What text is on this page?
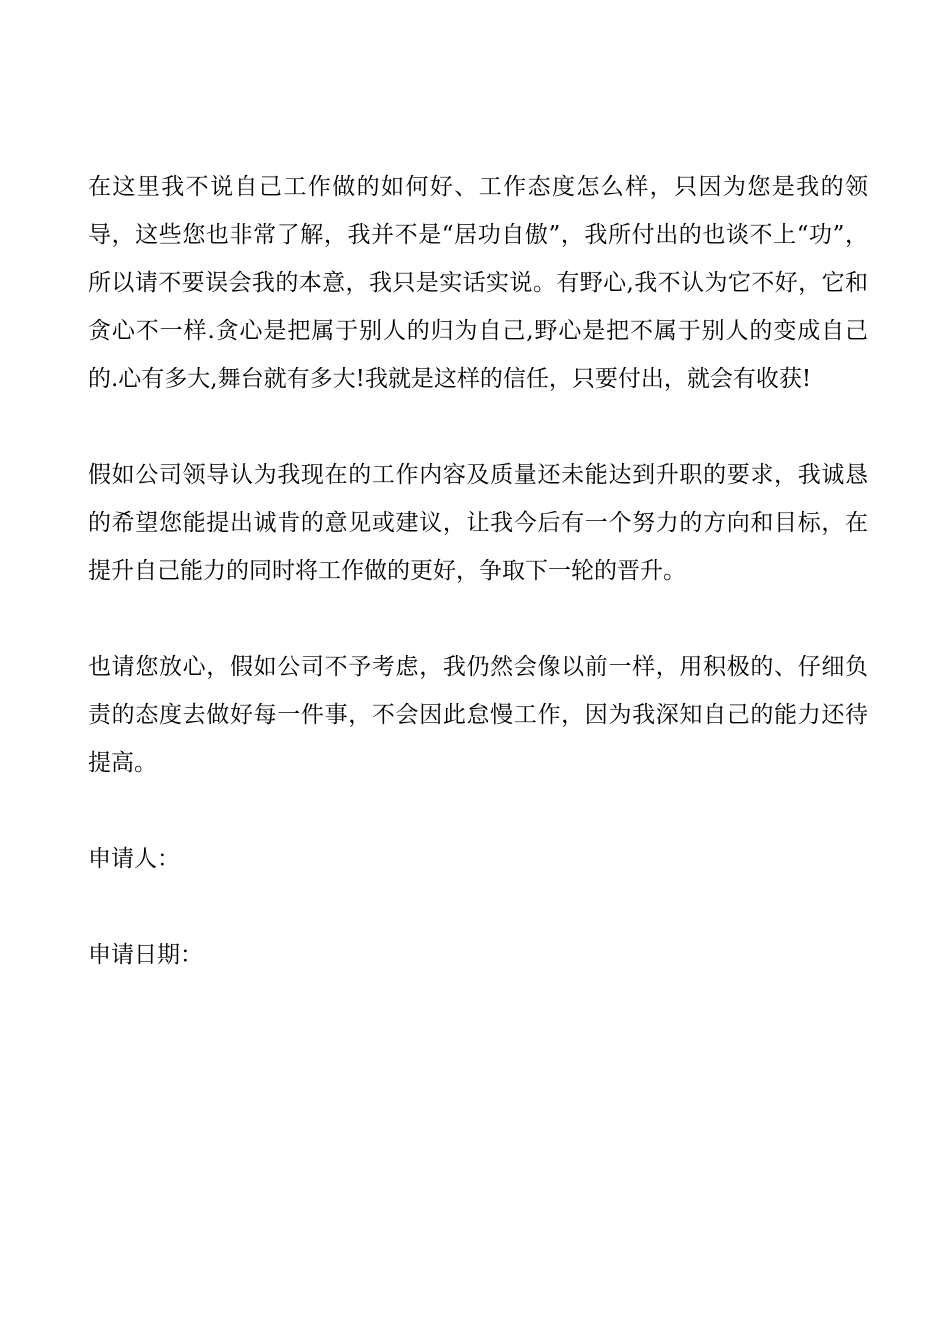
在这里我不说自己工作做的如何好、工作态度怎么样，只因为您是我的领导，这些您也非常了解，我并不是“居功自傲”，我所付出的也谈不上“功”，所以请不要误会我的本意，我只是实话实说。有野心,我不认为它不好，它和贪心不一样.贪心是把属于别人的归为自己,野心是把不属于别人的变成自己的.心有多大,舞台就有多大!我就是这样的信任，只要付出，就会有收获!

假如公司领导认为我现在的工作内容及质量还未能达到升职的要求，我诚恳的希望您能提出诚肯的意见或建议，让我今后有一个努力的方向和目标，在提升自己能力的同时将工作做的更好，争取下一轮的晋升。

也请您放心，假如公司不予考虑，我仍然会像以前一样，用积极的、仔细负责的态度去做好每一件事，不会因此怠慢工作，因为我深知自己的能力还待提高。

申请人：

申请日期：
